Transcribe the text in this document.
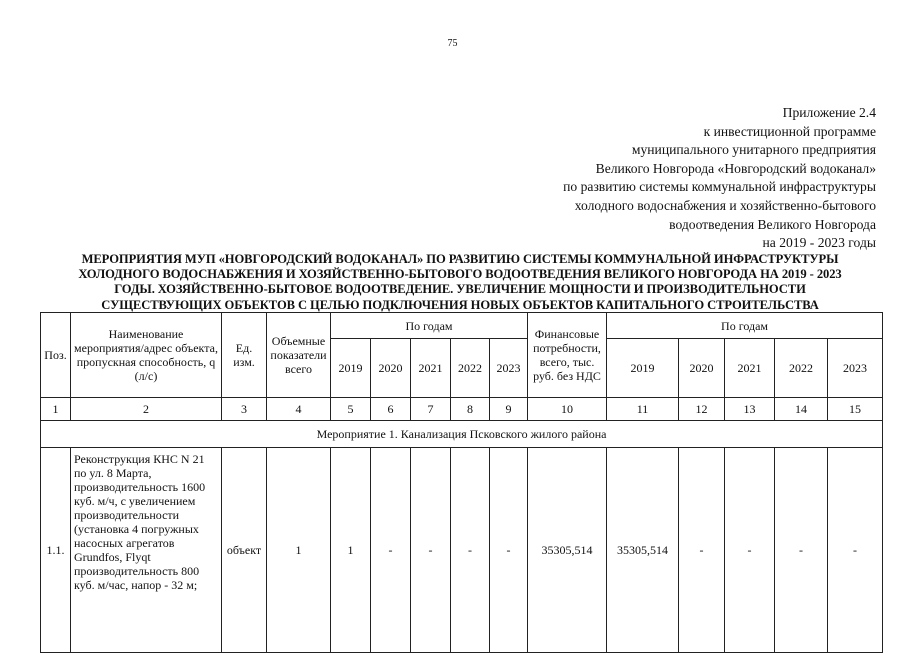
75
Приложение 2.4
к инвестиционной программе
муниципального унитарного предприятия
Великого Новгорода «Новгородский водоканал»
по развитию системы коммунальной инфраструктуры
холодного водоснабжения и хозяйственно-бытового
водоотведения Великого Новгорода
на 2019 - 2023 годы
МЕРОПРИЯТИЯ МУП «НОВГОРОДСКИЙ ВОДОКАНАЛ» ПО РАЗВИТИЮ СИСТЕМЫ КОММУНАЛЬНОЙ ИНФРАСТРУКТУРЫ
ХОЛОДНОГО ВОДОСНАБЖЕНИЯ И ХОЗЯЙСТВЕННО-БЫТОВОГО ВОДООТВЕДЕНИЯ ВЕЛИКОГО НОВГОРОДА НА 2019 - 2023
ГОДЫ. ХОЗЯЙСТВЕННО-БЫТОВОЕ ВОДООТВЕДЕНИЕ. УВЕЛИЧЕНИЕ МОЩНОСТИ И ПРОИЗВОДИТЕЛЬНОСТИ
СУЩЕСТВУЮЩИХ ОБЪЕКТОВ С ЦЕЛЬЮ ПОДКЛЮЧЕНИЯ НОВЫХ ОБЪЕКТОВ КАПИТАЛЬНОГО СТРОИТЕЛЬСТВА
Поз.	Наименование мероприятия/адрес объекта, пропускная способность, q (л/с)	Ед. изм.	Объемные показатели всего	По годам					Финансовые потребности, всего, тыс. руб. без НДС	По годам				
				2019	2020	2021	2022	2023		2019	2020	2021	2022	2023
1	2	3	4	5	6	7	8	9	10	11	12	13	14	15
Мероприятие 1. Канализация Псковского жилого района														
1.1.	Реконструкция КНС N 21 по ул. 8 Марта, производительность 1600 куб. м/ч, с увеличением производительности (установка 4 погружных насосных агрегатов Grundfos, Flyqt производительность 800 куб. м/час, напор - 32 м;	объект	1	1	-	-	-	-	35305,514	35305,514	-	-	-	-
